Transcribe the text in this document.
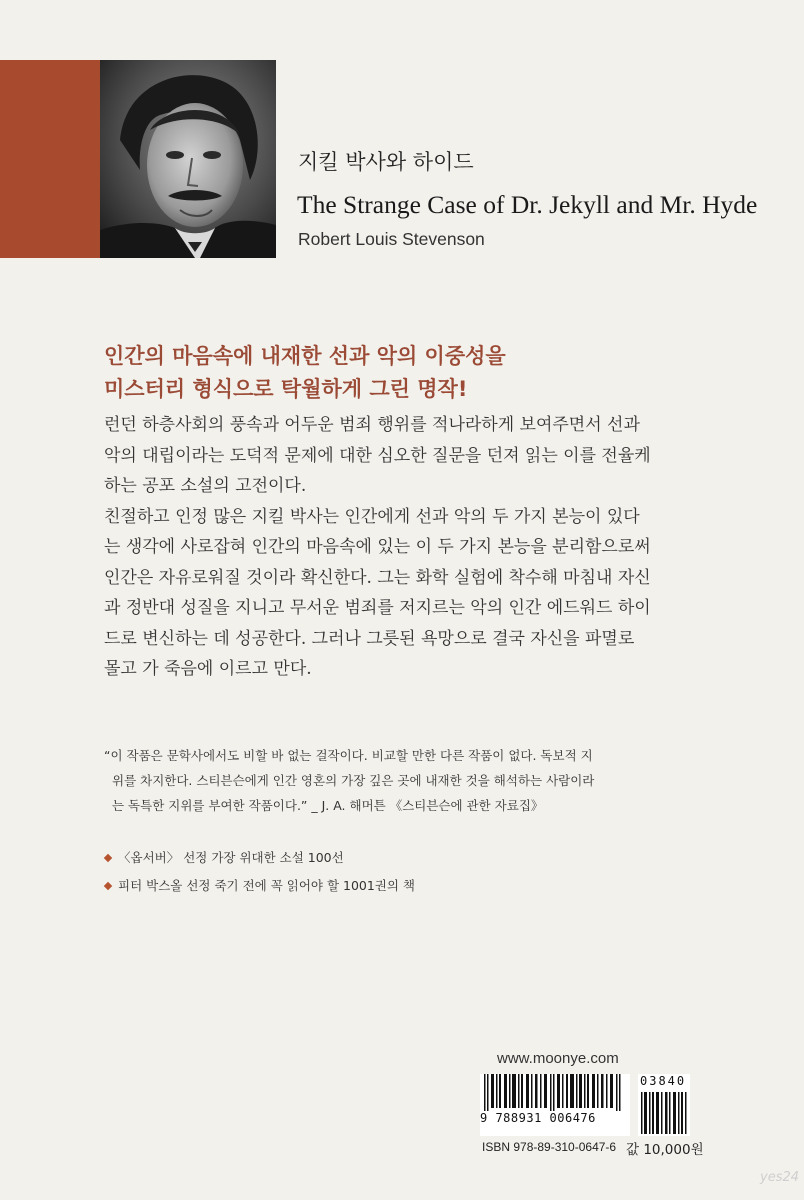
지킬 박사와 하이드
The Strange Case of Dr. Jekyll and Mr. Hyde
Robert Louis Stevenson
인간의 마음속에 내재한 선과 악의 이중성을
미스터리 형식으로 탁월하게 그린 명작!

런던 하층사회의 풍속과 어두운 범죄 행위를 적나라하게 보여주면서 선과

악의 대립이라는 도덕적 문제에 대한 심오한 질문을 던져 읽는 이를 전율케

하는 공포 소설의 고전이다.

친절하고 인정 많은 지킬 박사는 인간에게 선과 악의 두 가지 본능이 있다

는 생각에 사로잡혀 인간의 마음속에 있는 이 두 가지 본능을 분리함으로써

인간은 자유로워질 것이라 확신한다. 그는 화학 실험에 착수해 마침내 자신

과 정반대 성질을 지니고 무서운 범죄를 저지르는 악의 인간 에드워드 하이

드로 변신하는 데 성공한다. 그러나 그릇된 욕망으로 결국 자신을 파멸로

몰고 가 죽음에 이르고 만다.

“이 작품은 문학사에서도 비할 바 없는 걸작이다. 비교할 만한 다른 작품이 없다. 독보적 지
위를 차지한다. 스티븐슨에게 인간 영혼의 가장 깊은 곳에 내재한 것을 해석하는 사람이라
는 독특한 지위를 부여한 작품이다.” _ J. A. 해머튼 《스티븐슨에 관한 자료집》
〈옵서버〉 선정 가장 위대한 소설 100선
피터 박스올 선정 죽기 전에 꼭 읽어야 할 1001권의 책
www.moonye.com
9 788931 006476
03840
ISBN 978-89-310-0647-6 값 10,000원
yes24
